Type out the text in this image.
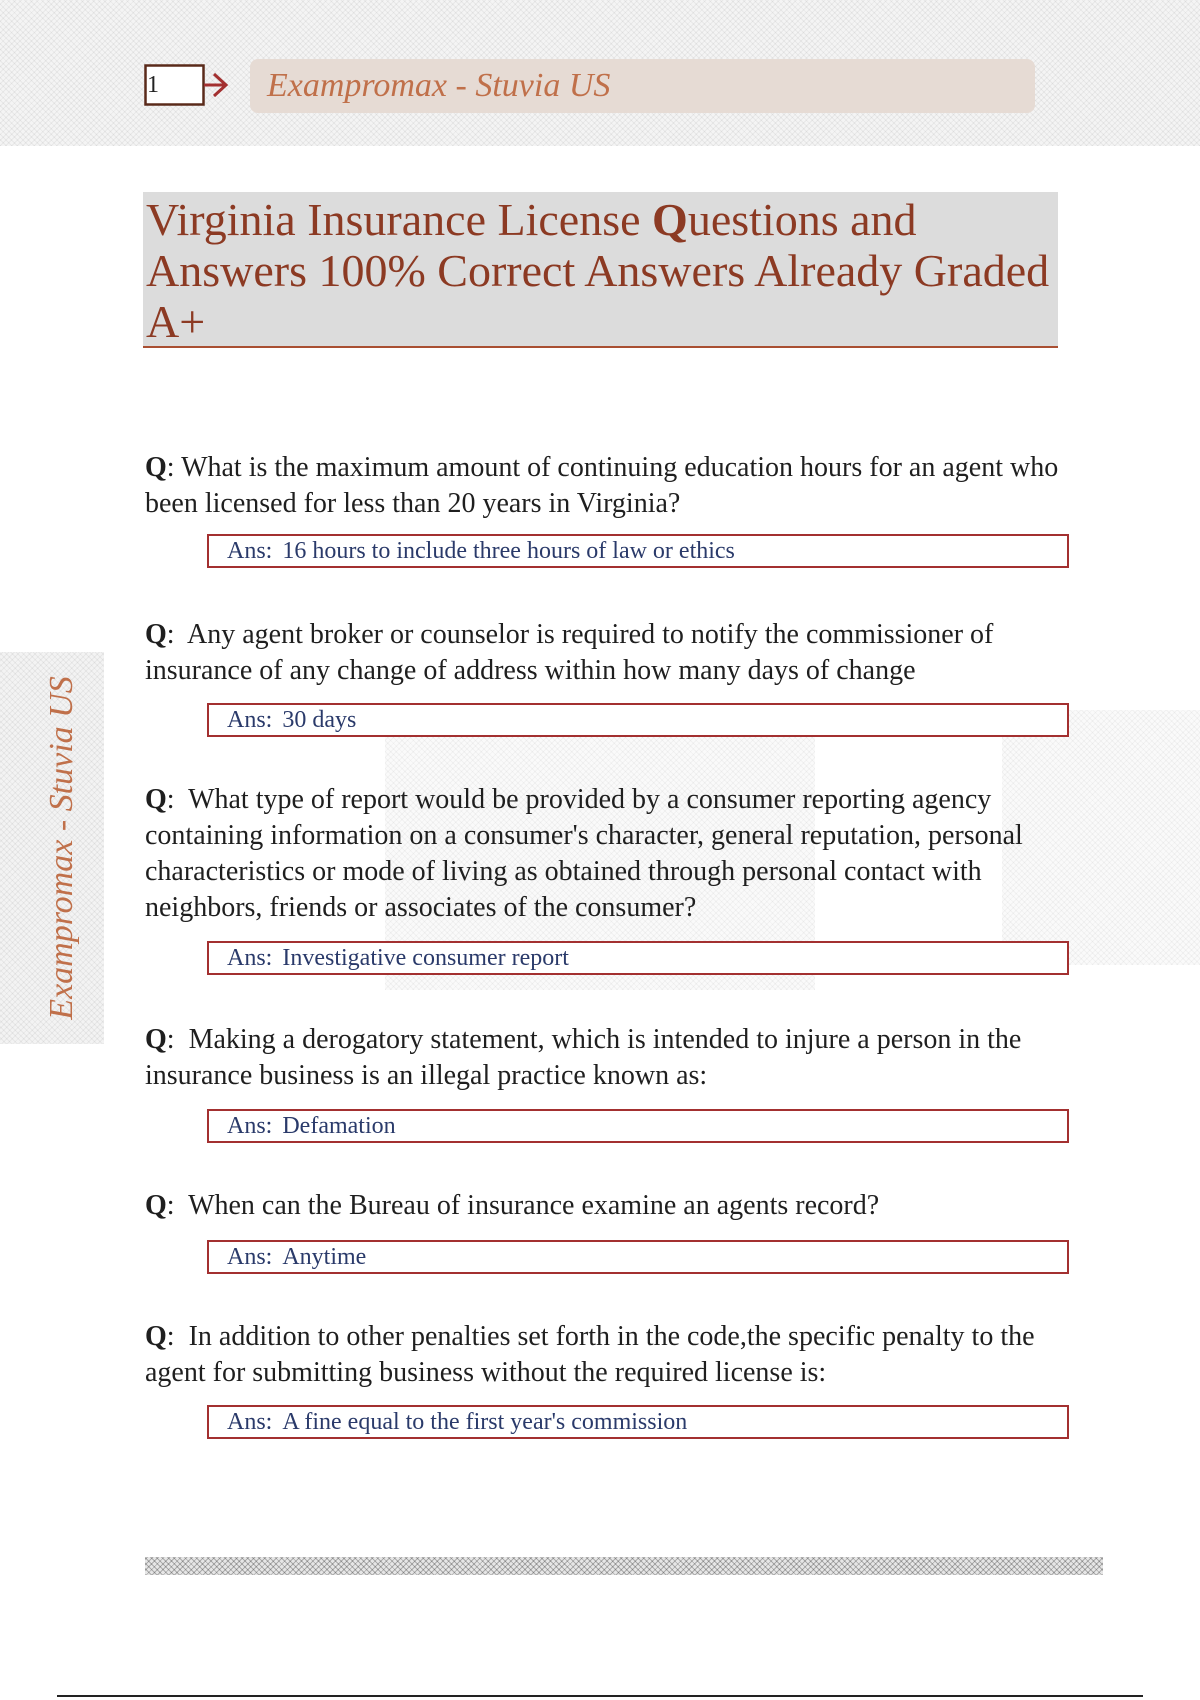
1	Exampromax - Stuvia US
Exampromax - Stuvia US
Virginia Insurance License Questions and Answers 100% Correct Answers Already Graded A+
Q: What is the maximum amount of continuing education hours for an agent who been licensed for less than 20 years in Virginia?
Ans: 16 hours to include three hours of law or ethics
Q:  Any agent broker or counselor is required to notify the commissioner of insurance of any change of address within how many days of change
Ans: 30 days
Q:  What type of report would be provided by a consumer reporting agency containing information on a consumer's character, general reputation, personal characteristics or mode of living as obtained through personal contact with neighbors, friends or associates of the consumer?
Ans: Investigative consumer report
Q:  Making a derogatory statement, which is intended to injure a person in the insurance business is an illegal practice known as:
Ans: Defamation
Q:  When can the Bureau of insurance examine an agents record?
Ans: Anytime
Q:  In addition to other penalties set forth in the code,the specific penalty to the agent for submitting business without the required license is:
Ans: A fine equal to the first year's commission
